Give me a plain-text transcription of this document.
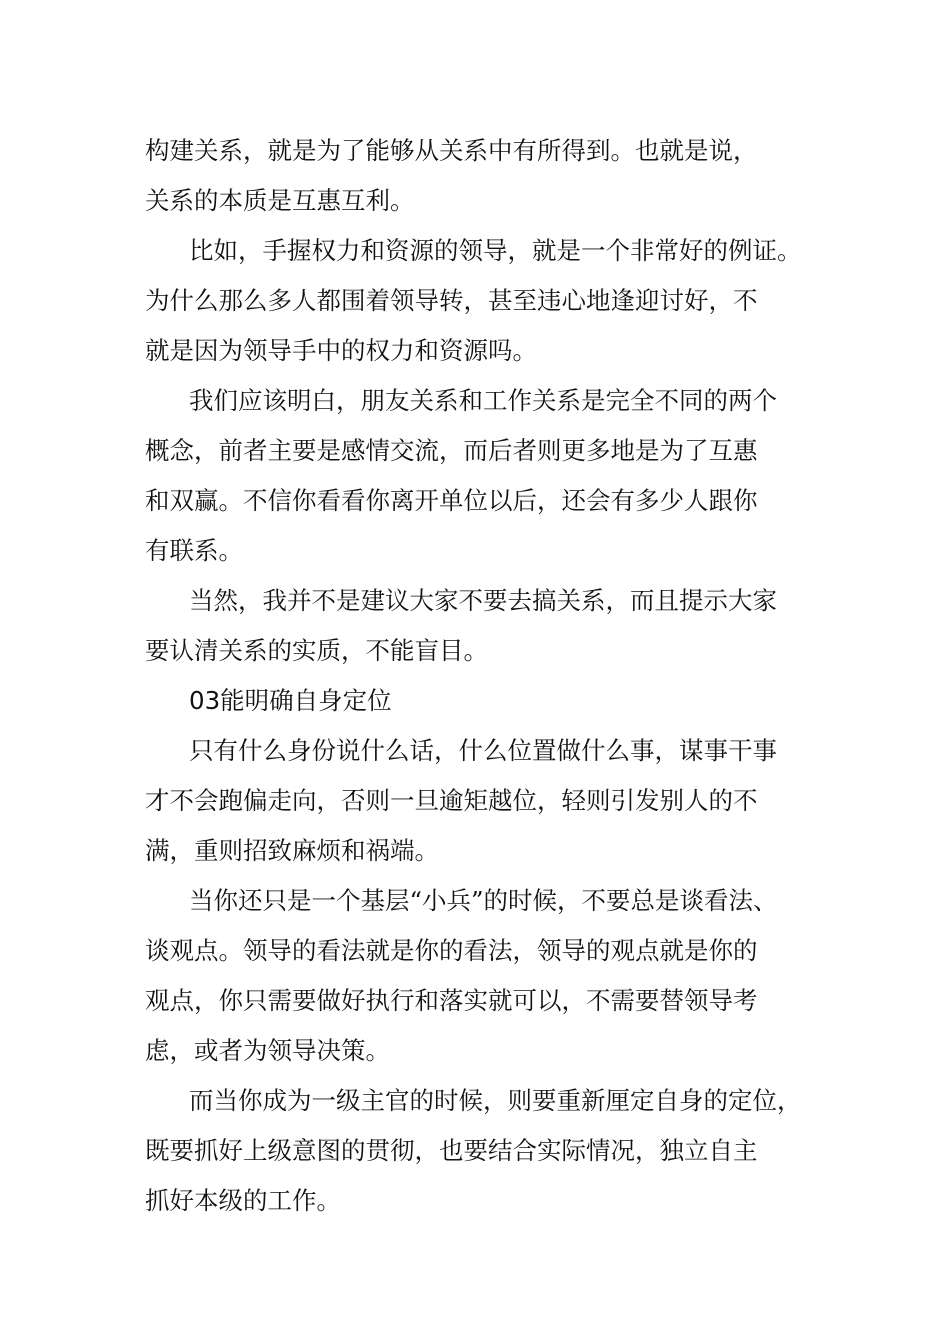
构建关系，就是为了能够从关系中有所得到。也就是说，
关系的本质是互惠互利。
比如，手握权力和资源的领导，就是一个非常好的例证。
为什么那么多人都围着领导转，甚至违心地逢迎讨好，不
就是因为领导手中的权力和资源吗。
我们应该明白，朋友关系和工作关系是完全不同的两个
概念，前者主要是感情交流，而后者则更多地是为了互惠
和双赢。不信你看看你离开单位以后，还会有多少人跟你
有联系。
当然，我并不是建议大家不要去搞关系，而且提示大家
要认清关系的实质，不能盲目。
03能明确自身定位
只有什么身份说什么话，什么位置做什么事，谋事干事
才不会跑偏走向，否则一旦逾矩越位，轻则引发别人的不
满，重则招致麻烦和祸端。
当你还只是一个基层“小兵”的时候，不要总是谈看法、
谈观点。领导的看法就是你的看法，领导的观点就是你的
观点，你只需要做好执行和落实就可以，不需要替领导考
虑，或者为领导决策。
而当你成为一级主官的时候，则要重新厘定自身的定位，
既要抓好上级意图的贯彻，也要结合实际情况，独立自主
抓好本级的工作。
